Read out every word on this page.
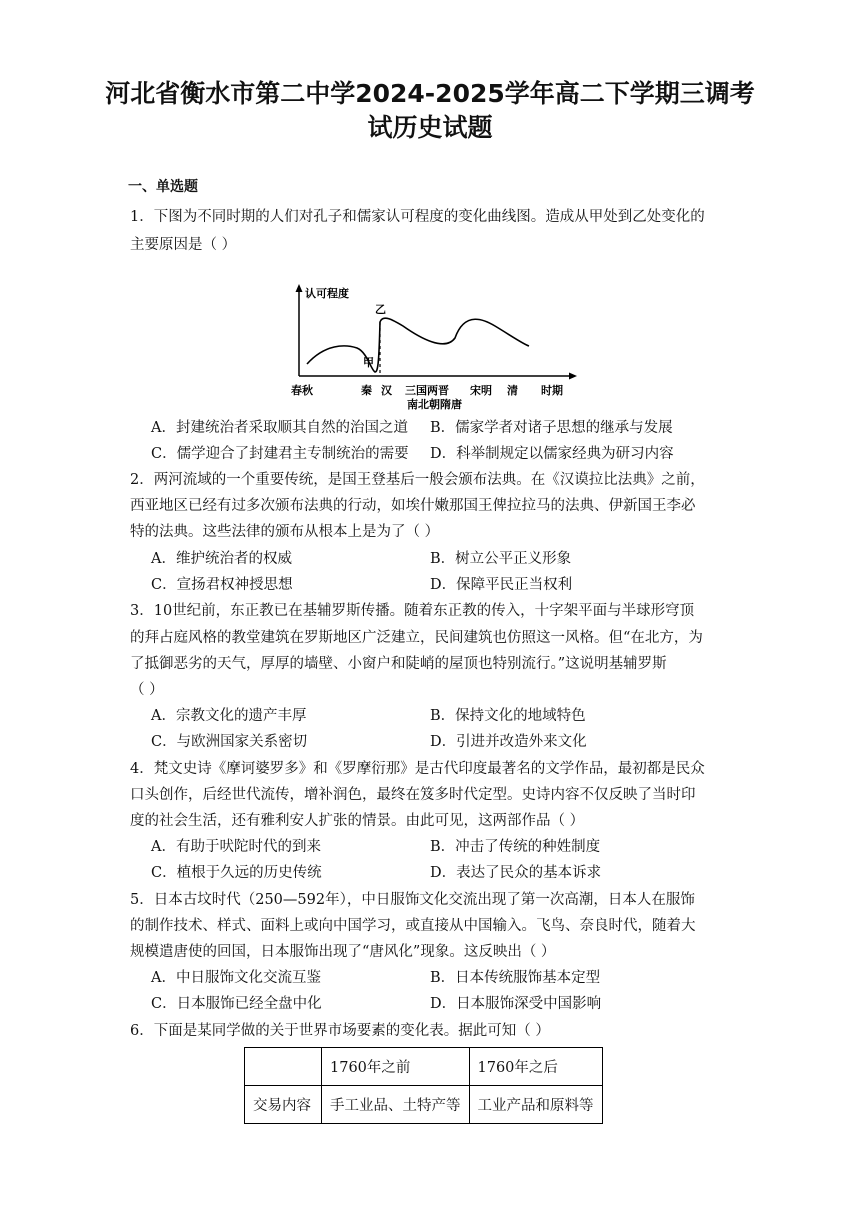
河北省衡水市第二中学2024-2025学年高二下学期三调考
试历史试题
一、单选题
1．下图为不同时期的人们对孔子和儒家认可程度的变化曲线图。造成从甲处到乙处变化的
主要原因是（ ）
认可程度
时期
甲
乙
春秋	秦 汉 三国两晋 宋明 清
南北朝隋唐
A．封建统治者采取顺其自然的治国之道 B．儒家学者对诸子思想的继承与发展
C．儒学迎合了封建君主专制统治的需要 D．科举制规定以儒家经典为研习内容
2．两河流域的一个重要传统，是国王登基后一般会颁布法典。在《汉谟拉比法典》之前，
西亚地区已经有过多次颁布法典的行动，如埃什嫩那国王俾拉拉马的法典、伊新国王李必
特的法典。这些法律的颁布从根本上是为了（ ）
A．维护统治者的权威	B．树立公平正义形象
C．宣扬君权神授思想	D．保障平民正当权利
3．10世纪前，东正教已在基辅罗斯传播。随着东正教的传入，十字架平面与半球形穹顶
的拜占庭风格的教堂建筑在罗斯地区广泛建立，民间建筑也仿照这一风格。但“在北方，为
了抵御恶劣的天气，厚厚的墙壁、小窗户和陡峭的屋顶也特别流行。”这说明基辅罗斯
（ ）
A．宗教文化的遗产丰厚	B．保持文化的地域特色
C．与欧洲国家关系密切	D．引进并改造外来文化
4．梵文史诗《摩诃婆罗多》和《罗摩衍那》是古代印度最著名的文学作品，最初都是民众
口头创作，后经世代流传，增补润色，最终在笈多时代定型。史诗内容不仅反映了当时印
度的社会生活，还有雅利安人扩张的情景。由此可见，这两部作品（ ）
A．有助于吠陀时代的到来	B．冲击了传统的种姓制度
C．植根于久远的历史传统	D．表达了民众的基本诉求
5．日本古坟时代（250—592年），中日服饰文化交流出现了第一次高潮，日本人在服饰
的制作技术、样式、面料上或向中国学习，或直接从中国输入。飞鸟、奈良时代，随着大
规模遣唐使的回国，日本服饰出现了“唐风化”现象。这反映出（ ）
A．中日服饰文化交流互鉴	B．日本传统服饰基本定型
C．日本服饰已经全盘中化	D．日本服饰深受中国影响
6．下面是某同学做的关于世界市场要素的变化表。据此可知（ ）
	1760年之前	1760年之后
交易内容	手工业品、土特产等	工业产品和原料等
